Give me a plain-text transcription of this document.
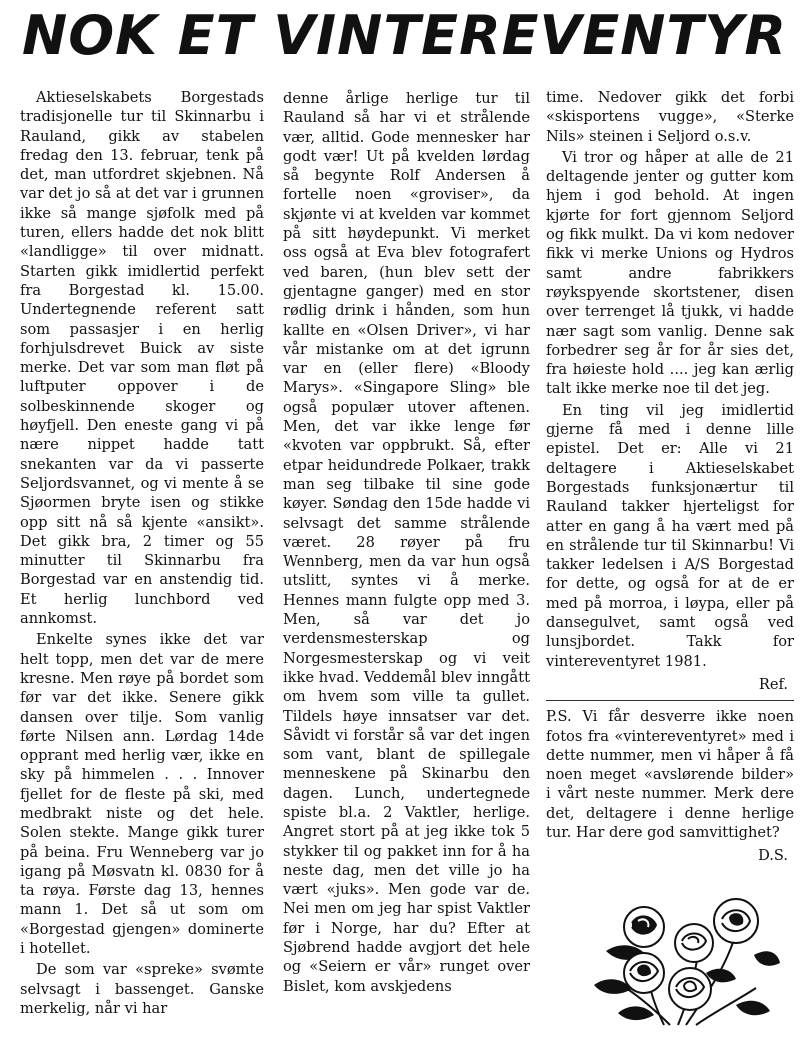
NOK ET VINTEREVENTYR

Aktieselskabets Borgestads tradisjonelle tur til Skinnarbu i Rauland, gikk av stabelen fredag den 13. februar, tenk på det, man utfordret skjebnen. Nå var det jo så at det var i grunnen ikke så mange sjøfolk med på turen, ellers hadde det nok blitt «landligge» til over midnatt. Starten gikk imidlertid perfekt fra Borgestad kl. 15.00. Undertegnende referent satt som passasjer i en herlig forhjulsdrevet Buick av siste merke. Det var som man fløt på luftputer oppover i de solbeskinnende skoger og høyfjell. Den eneste gang vi på nære nippet hadde tatt snekanten var da vi passerte Seljordsvannet, og vi mente å se Sjøormen bryte isen og stikke opp sitt nå så kjente «ansikt». Det gikk bra, 2 timer og 55 minutter til Skinnarbu fra Borgestad var en anstendig tid. Et herlig lunchbord ved annkomst.

Enkelte synes ikke det var helt topp, men det var de mere kresne. Men røye på bordet som før var det ikke. Senere gikk dansen over tilje. Som vanlig førte Nilsen ann. Lørdag 14de opprant med herlig vær, ikke en sky på himmelen . . . Innover fjellet for de fleste på ski, med medbrakt niste og det hele. Solen stekte. Mange gikk turer på beina. Fru Wenneberg var jo igang på Møsvatn kl. 0830 for å ta røya. Første dag 13, hennes mann 1. Det så ut som om «Borgestad gjengen» dominerte i hotellet.

De som var «spreke» svømte selvsagt i bassenget. Ganske merkelig, når vi har

denne årlige herlige tur til Rauland så har vi et strålende vær, alltid. Gode mennesker har godt vær! Ut på kvelden lørdag så begynte Rolf Andersen å fortelle noen «groviser», da skjønte vi at kvelden var kommet på sitt høydepunkt. Vi merket oss også at Eva blev fotografert ved baren, (hun blev sett der gjentagne ganger) med en stor rødlig drink i hånden, som hun kallte en «Olsen Driver», vi har vår mistanke om at det igrunn var en (eller flere) «Bloody Marys». «Singapore Sling» ble også populær utover aftenen. Men, det var ikke lenge før «kvoten var oppbrukt. Så, efter etpar heidundrede Polkaer, trakk man seg tilbake til sine gode køyer. Søndag den 15de hadde vi selvsagt det samme strålende været. 28 røyer på fru Wennberg, men da var hun også utslitt, syntes vi å merke. Hennes mann fulgte opp med 3. Men, så var det jo verdensmesterskap og Norgesmesterskap og vi veit ikke hvad. Veddemål blev inngått om hvem som ville ta gullet. Tildels høye innsatser var det. Såvidt vi forstår så var det ingen som vant, blant de spillegale menneskene på Skinarbu den dagen. Lunch, undertegnede spiste bl.a. 2 Vaktler, herlige. Angret stort på at jeg ikke tok 5 stykker til og pakket inn for å ha neste dag, men det ville jo ha vært «juks». Men gode var de. Nei men om jeg har spist Vaktler før i Norge, har du? Efter at Sjøbrend hadde avgjort det hele og «Seiern er vår» runget over Bislet, kom avskjedens

time. Nedover gikk det forbi «skisportens vugge», «Sterke Nils» steinen i Seljord o.s.v.

Vi tror og håper at alle de 21 deltagende jenter og gutter kom hjem i god behold. At ingen kjørte for fort gjennom Seljord og fikk mulkt. Da vi kom nedover fikk vi merke Unions og Hydros samt andre fabrikkers røykspyende skortstener, disen over terrenget lå tjukk, vi hadde nær sagt som vanlig. Denne sak forbedrer seg år for år sies det, fra høieste hold .... jeg kan ærlig talt ikke merke noe til det jeg.

En ting vil jeg imidlertid gjerne få med i denne lille epistel. Det er: Alle vi 21 deltagere i Aktieselskabet Borgestads funksjonærtur til Rauland takker hjerteligst for atter en gang å ha vært med på en strålende tur til Skinnarbu! Vi takker ledelsen i A/S Borgestad for dette, og også for at de er med på morroa, i løypa, eller på dansegulvet, samt også ved lunsjbordet. Takk for vintereventyret 1981.

Ref.

P.S. Vi får desverre ikke noen fotos fra «vintereventyret» med i dette nummer, men vi håper å få noen meget «avslørende bilder» i vårt neste nummer. Merk dere det, deltagere i denne herlige tur. Har dere god samvittighet?

D.S.
